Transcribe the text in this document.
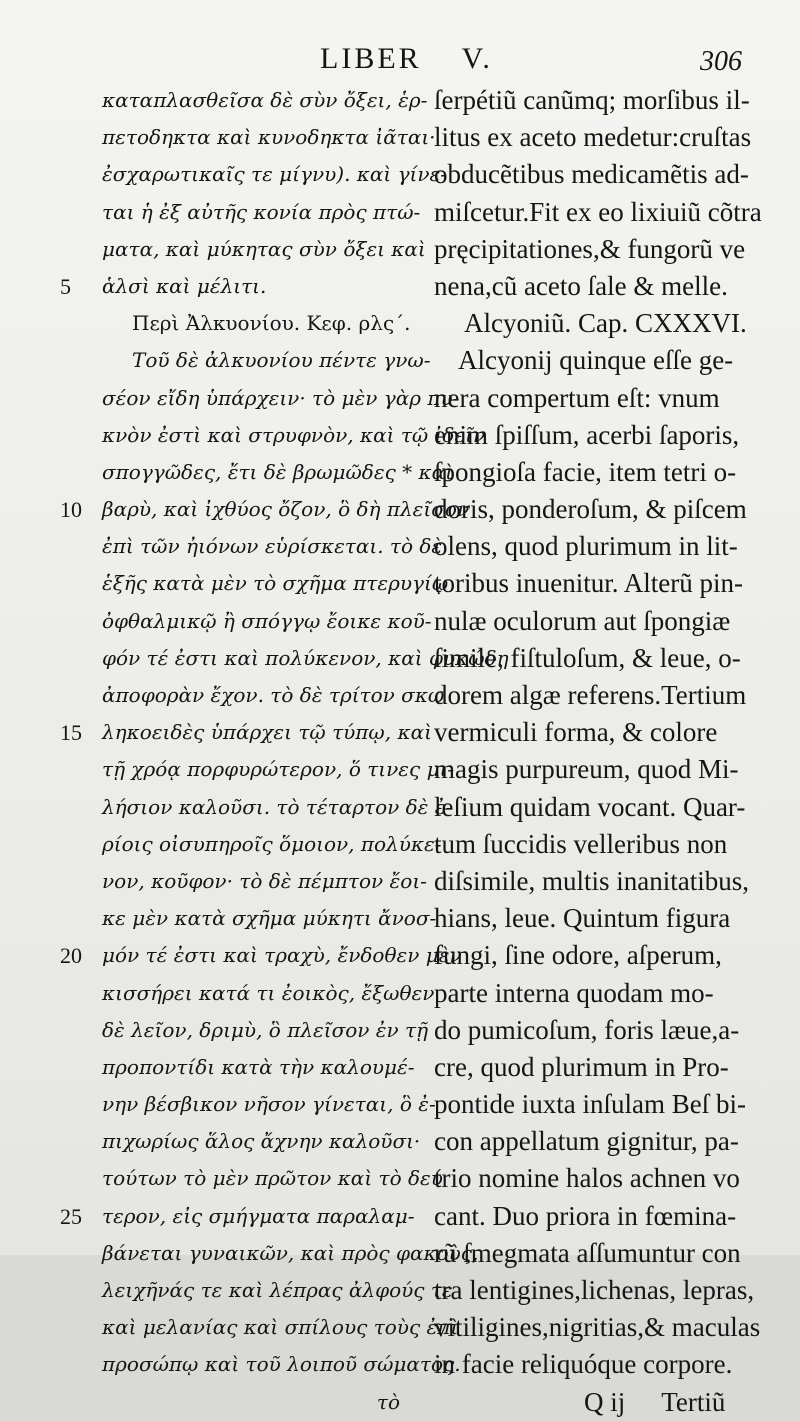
LIBER V.	306
καταπλασθεῖσα δὲ σὺν ὄξει, ἑρ-
πετοδηκτα καὶ κυνοδηκτα ἰᾶται·
ἐσχαρωτικαῖς τε μίγνυ). καὶ γίνε-
ται ἡ ἐξ αὐτῆς κονία πρὸς πτώ-
ματα, καὶ μύκητας σὺν ὄξει καὶ
5	ἁλσὶ καὶ μέλιτι.
Περὶ Ἀλκυονίου. Κεφ. ρλς´.
Τοῦ δὲ ἀλκυονίου πέντε γνω-
σέον εἴδη ὑπάρχειν· τὸ μὲν γὰρ πυ-
κνὸν ἐστὶ καὶ στρυφνὸν, καὶ τῷ ἰδεῖν
σπογγῶδες, ἔτι δὲ βρωμῶδες * καὶ
10	βαρὺ, καὶ ἰχθύος ὄζον, ὃ δὴ πλεῖσον
ἐπὶ τῶν ἠιόνων εὑρίσκεται. τὸ δὲ
ἑξῆς κατὰ μὲν τὸ σχῆμα πτερυγίῳ
ὀφθαλμικῷ ἢ σπόγγῳ ἔοικε κοῦ-
φόν τέ ἐστι καὶ πολύκενον, καὶ φυκώδη
ἀποφορὰν ἔχον. τὸ δὲ τρίτον σκω
15	ληκοειδὲς ὑπάρχει τῷ τύπῳ, καὶ
τῇ χρόᾳ πορφυρώτερον, ὅ τινες μι-
λήσιον καλοῦσι. τὸ τέταρτον δὲ ἐ-
ρίοις οἰσυπηροῖς ὅμοιον, πολύκε-
νον, κοῦφον· τὸ δὲ πέμπτον ἔοι-
κε μὲν κατὰ σχῆμα μύκητι ἄνοσ-
20	μόν τέ ἐστι καὶ τραχὺ, ἔνδοθεν μὲν
κισσήρει κατά τι ἐοικὸς, ἔξωθεν
δὲ λεῖον, δριμὺ, ὃ πλεῖσον ἐν τῇ
προποντίδι κατὰ τὴν καλουμέ-
νην βέσβικον νῆσον γίνεται, ὃ ἐ-
πιχωρίως ἅλος ἄχνην καλοῦσι·
τούτων τὸ μὲν πρῶτον καὶ τὸ δεύ
25	τερον, εἰς σμήγματα παραλαμ-
βάνεται γυναικῶν, καὶ πρὸς φακοὺς,
λειχῆνάς τε καὶ λέπρας ἀλφούς τε
καὶ μελανίας καὶ σπίλους τοὺς ἐπὶ
προσώπῳ καὶ τοῦ λοιποῦ σώματος.
τὸ
ſerpétiũ canũmq; morſibus il-
litus ex aceto medetur:cruſtas
obducẽtibus medicamẽtis ad-
miſcetur.Fit ex eo lixiuiũ cõtra
pręcipitationes,& fungorũ ve
nena,cũ aceto ſale & melle.
Alcyoniũ. Cap. CXXXVI.
Alcyonij quinque eſſe ge-
nera compertum eſt: vnum
enim ſpiſſum, acerbi ſaporis,
ſpongioſa facie, item tetri o-
doris, ponderoſum, & piſcem
olens, quod plurimum in lit-
toribus inuenitur. Alterũ pin-
nulæ oculorum aut ſpongiæ
ſimile, fiſtuloſum, & leue, o-
dorem algæ referens.Tertium
vermiculi forma, & colore
magis purpureum, quod Mi-
leſium quidam vocant. Quar-
tum ſuccidis velleribus non
diſsimile, multis inanitatibus,
hians, leue. Quintum figura
fungi, ſine odore, aſperum,
parte interna quodam mo-
do pumicoſum, foris læue,a-
cre, quod plurimum in Pro-
pontide iuxta inſulam Beſ bi-
con appellatum gignitur, pa-
trio nomine halos achnen vo
cant. Duo priora in fœmina-
rũ ſmegmata aſſumuntur con
tra lentigines,lichenas, lepras,
vitiligines,nigritias,& maculas
in facie reliquóque corpore.
Q ij Tertiũ
